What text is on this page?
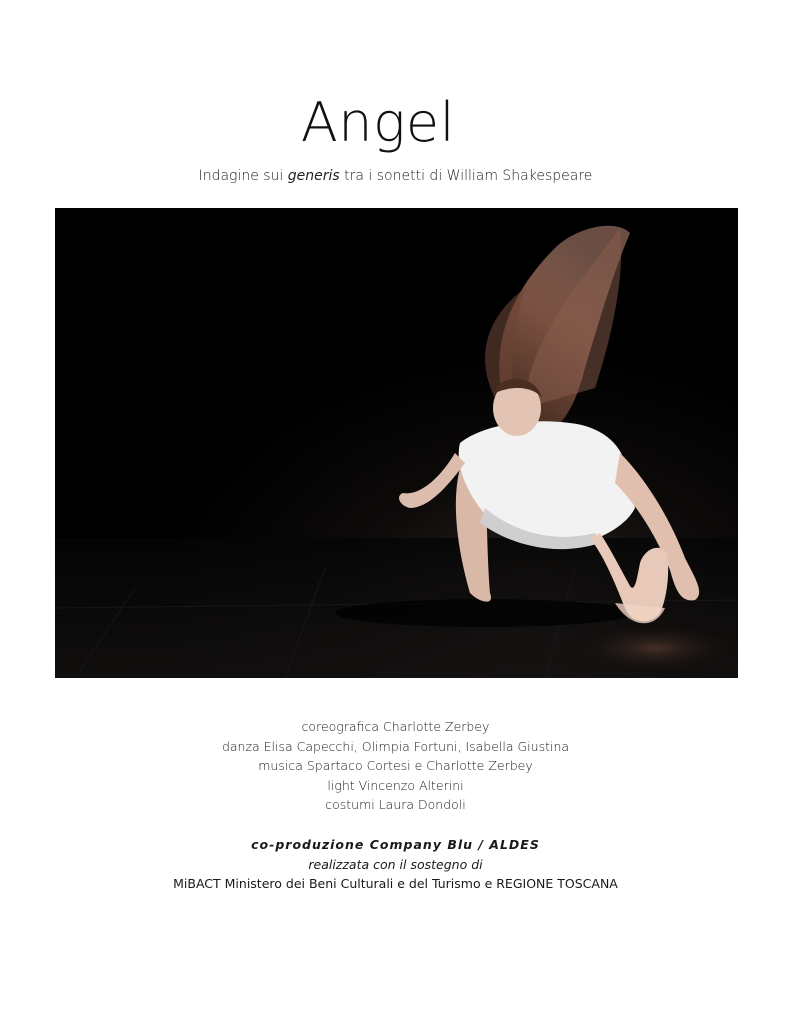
Angel
Indagine sui generis tra i sonetti di William Shakespeare
coreografica Charlotte Zerbey
danza Elisa Capecchi, Olimpia Fortuni, Isabella Giustina
musica Spartaco Cortesi e Charlotte Zerbey
light Vincenzo Alterini
costumi Laura Dondoli
co-produzione Company Blu / ALDES
realizzata con il sostegno di
MiBACT Ministero dei Beni Culturali e del Turismo e REGIONE TOSCANA
